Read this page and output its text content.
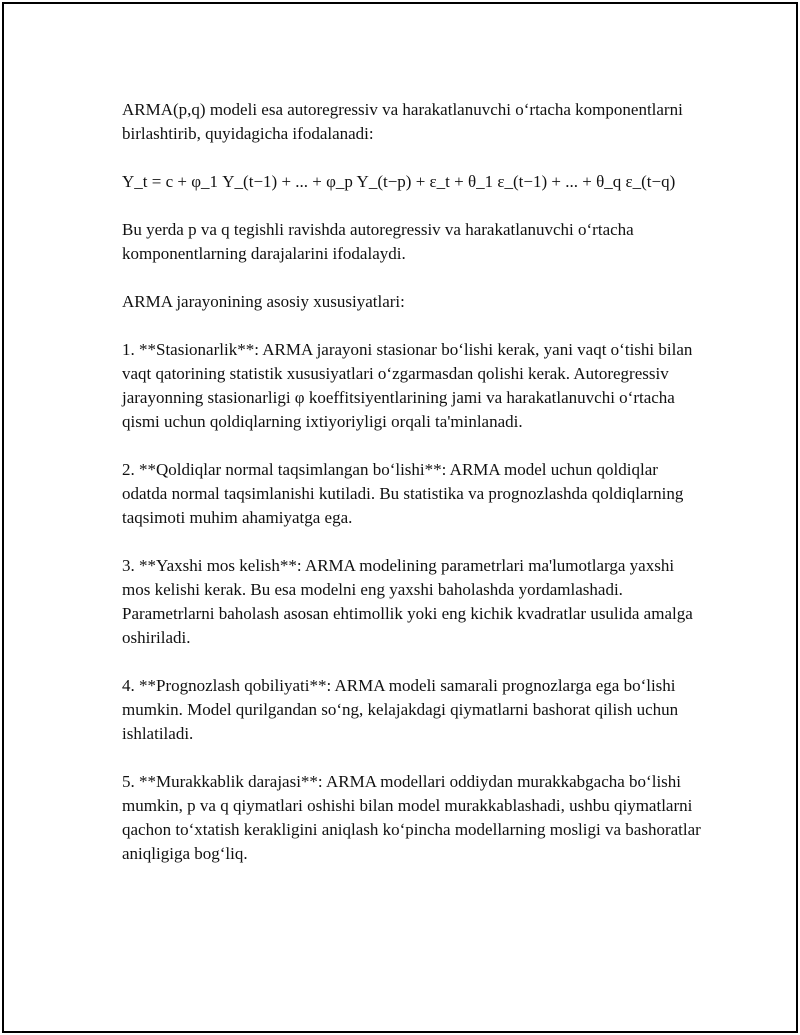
ARMA(p,q) modeli esa autoregressiv va harakatlanuvchi o‘rtacha komponentlarni birlashtirib, quyidagicha ifodalanadi:

Y_t = c + φ_1 Y_(t−1) + ... + φ_p Y_(t−p) + ε_t + θ_1 ε_(t−1) + ... + θ_q ε_(t−q)

Bu yerda p va q tegishli ravishda autoregressiv va harakatlanuvchi o‘rtacha komponentlarning darajalarini ifodalaydi.

ARMA jarayonining asosiy xususiyatlari:

1. **Stasionarlik**: ARMA jarayoni stasionar bo‘lishi kerak, yani vaqt o‘tishi bilan vaqt qatorining statistik xususiyatlari o‘zgarmasdan qolishi kerak. Autoregressiv jarayonning stasionarligi φ koeffitsiyentlarining jami va harakatlanuvchi o‘rtacha qismi uchun qoldiqlarning ixtiyoriyligi orqali ta'minlanadi.

2. **Qoldiqlar normal taqsimlangan bo‘lishi**: ARMA model uchun qoldiqlar odatda normal taqsimlanishi kutiladi. Bu statistika va prognozlashda qoldiqlarning taqsimoti muhim ahamiyatga ega.

3. **Yaxshi mos kelish**: ARMA modelining parametrlari ma'lumotlarga yaxshi mos kelishi kerak. Bu esa modelni eng yaxshi baholashda yordamlashadi. Parametrlarni baholash asosan ehtimollik yoki eng kichik kvadratlar usulida amalga oshiriladi.

4. **Prognozlash qobiliyati**: ARMA modeli samarali prognozlarga ega bo‘lishi mumkin. Model qurilgandan so‘ng, kelajakdagi qiymatlarni bashorat qilish uchun ishlatiladi.

5. **Murakkablik darajasi**: ARMA modellari oddiydan murakkabgacha bo‘lishi mumkin, p va q qiymatlari oshishi bilan model murakkablashadi, ushbu qiymatlarni qachon to‘xtatish kerakligini aniqlash ko‘pincha modellarning mosligi va bashoratlar aniqligiga bog‘liq.
